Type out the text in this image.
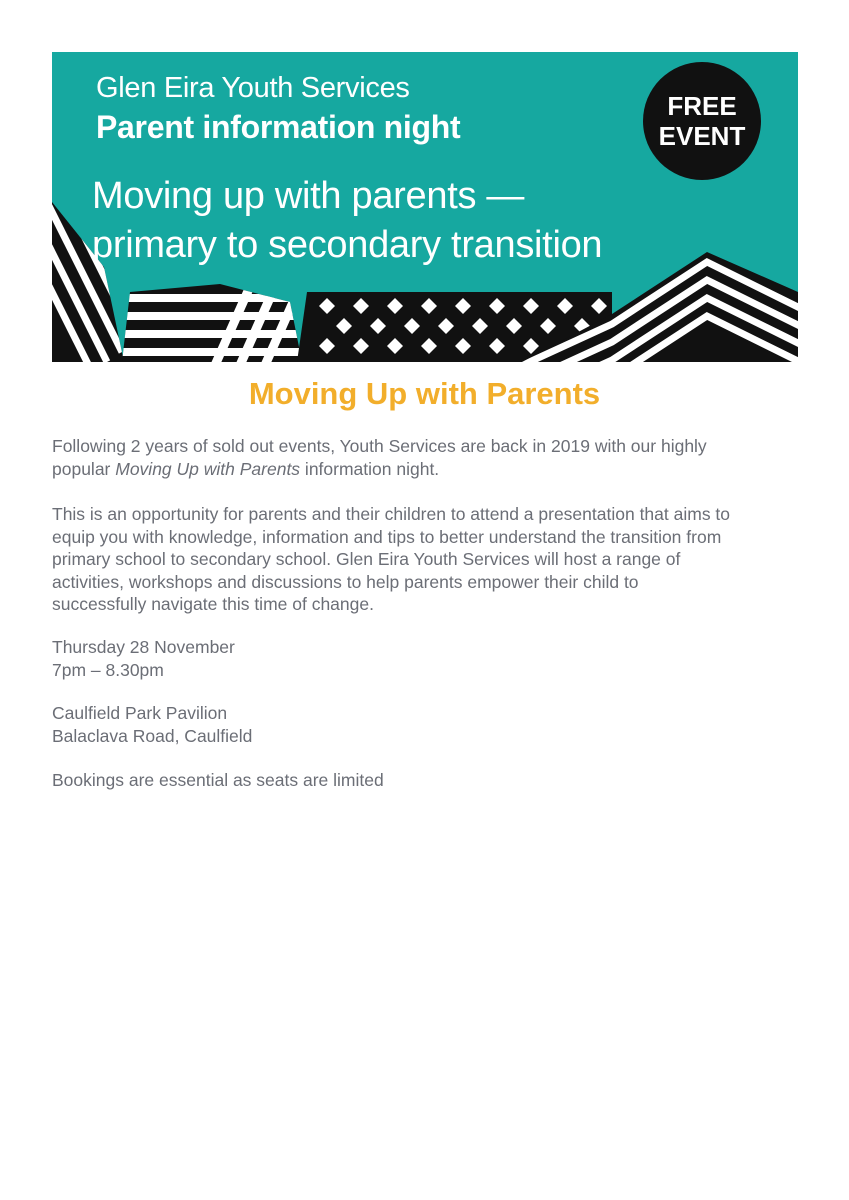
Glen Eira Youth Services
Parent information night
Moving up with parents —
primary to secondary transition
FREE
EVENT
Moving Up with Parents

Following 2 years of sold out events, Youth Services are back in 2019 with our highly
popular Moving Up with Parents information night.

This is an opportunity for parents and their children to attend a presentation that aims to
equip you with knowledge, information and tips to better understand the transition from
primary school to secondary school. Glen Eira Youth Services will host a range of
activities, workshops and discussions to help parents empower their child to
successfully navigate this time of change.

Thursday 28 November
7pm – 8.30pm

Caulfield Park Pavilion
Balaclava Road, Caulfield

Bookings are essential as seats are limited
